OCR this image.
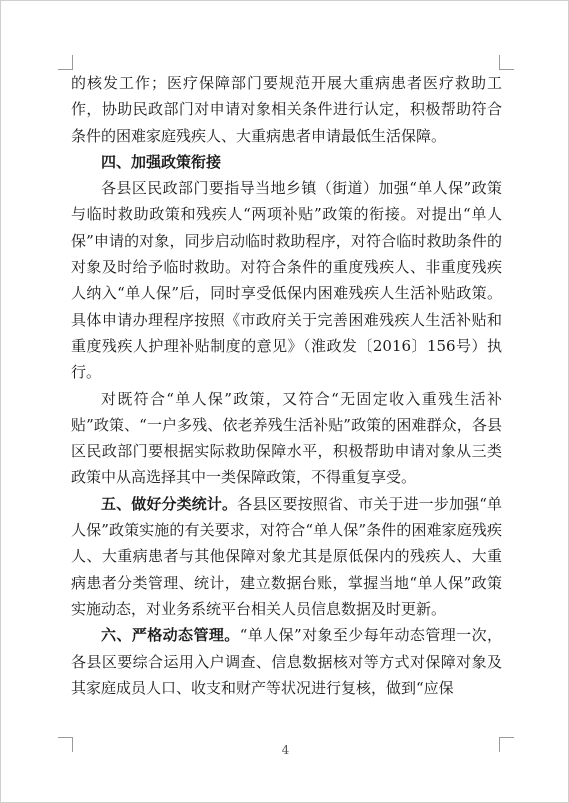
的核发工作；医疗保障部门要规范开展大重病患者医疗救助工作，协助民政部门对申请对象相关条件进行认定，积极帮助符合条件的困难家庭残疾人、大重病患者申请最低生活保障。

四、加强政策衔接

各县区民政部门要指导当地乡镇（街道）加强“单人保”政策与临时救助政策和残疾人“两项补贴”政策的衔接。对提出“单人保”申请的对象，同步启动临时救助程序，对符合临时救助条件的对象及时给予临时救助。对符合条件的重度残疾人、非重度残疾人纳入“单人保”后，同时享受低保内困难残疾人生活补贴政策。具体申请办理程序按照《市政府关于完善困难残疾人生活补贴和重度残疾人护理补贴制度的意见》（淮政发〔2016〕156号）执行。

对既符合“单人保”政策，又符合“无固定收入重残生活补贴”政策、“一户多残、依老养残生活补贴”政策的困难群众，各县区民政部门要根据实际救助保障水平，积极帮助申请对象从三类政策中从高选择其中一类保障政策，不得重复享受。

五、做好分类统计。各县区要按照省、市关于进一步加强“单人保”政策实施的有关要求，对符合“单人保”条件的困难家庭残疾人、大重病患者与其他保障对象尤其是原低保内的残疾人、大重病患者分类管理、统计，建立数据台账，掌握当地“单人保”政策实施动态，对业务系统平台相关人员信息数据及时更新。

六、严格动态管理。“单人保”对象至少每年动态管理一次，各县区要综合运用入户调查、信息数据核对等方式对保障对象及其家庭成员人口、收支和财产等状况进行复核，做到“应保

4
